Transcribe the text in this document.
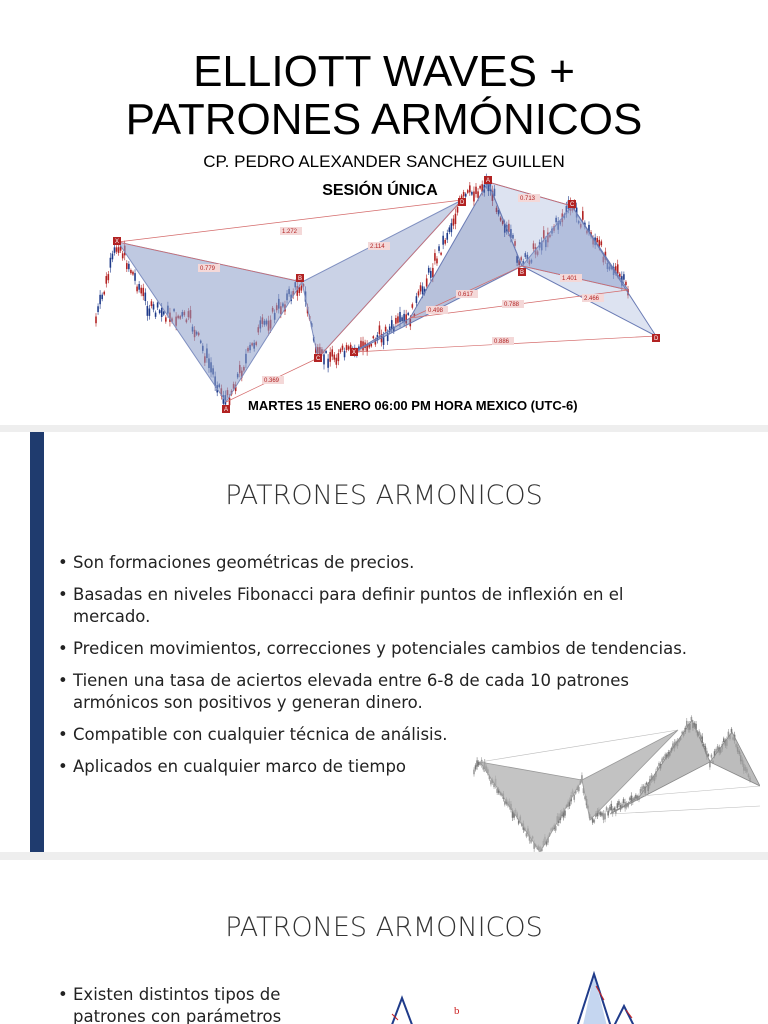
ELLIOTT WAVES +
PATRONES ARMÓNICOS
CP. PEDRO ALEXANDER SANCHEZ GUILLEN
1.272
0.779
2.114
0.713
0.369
0.617
0.498
0.788
1.401
2.466
0.886
X
A
B
C
D
X
A
B
C
D
SESIÓN ÚNICA
MARTES 15 ENERO 06:00 PM HORA MEXICO (UTC-6)
PATRONES ARMONICOS
• Son formaciones geométricas de precios.
• Basadas en niveles Fibonacci para definir puntos de inflexión en el mercado.
• Predicen movimientos, correcciones y potenciales cambios de tendencias.
• Tienen una tasa de aciertos elevada entre 6-8 de cada 10 patrones armónicos son positivos y generan dinero.
• Compatible con cualquier técnica de análisis.
• Aplicados en cualquier marco de tiempo
PATRONES ARMONICOS
• Existen distintos tipos de patrones con parámetros	b
